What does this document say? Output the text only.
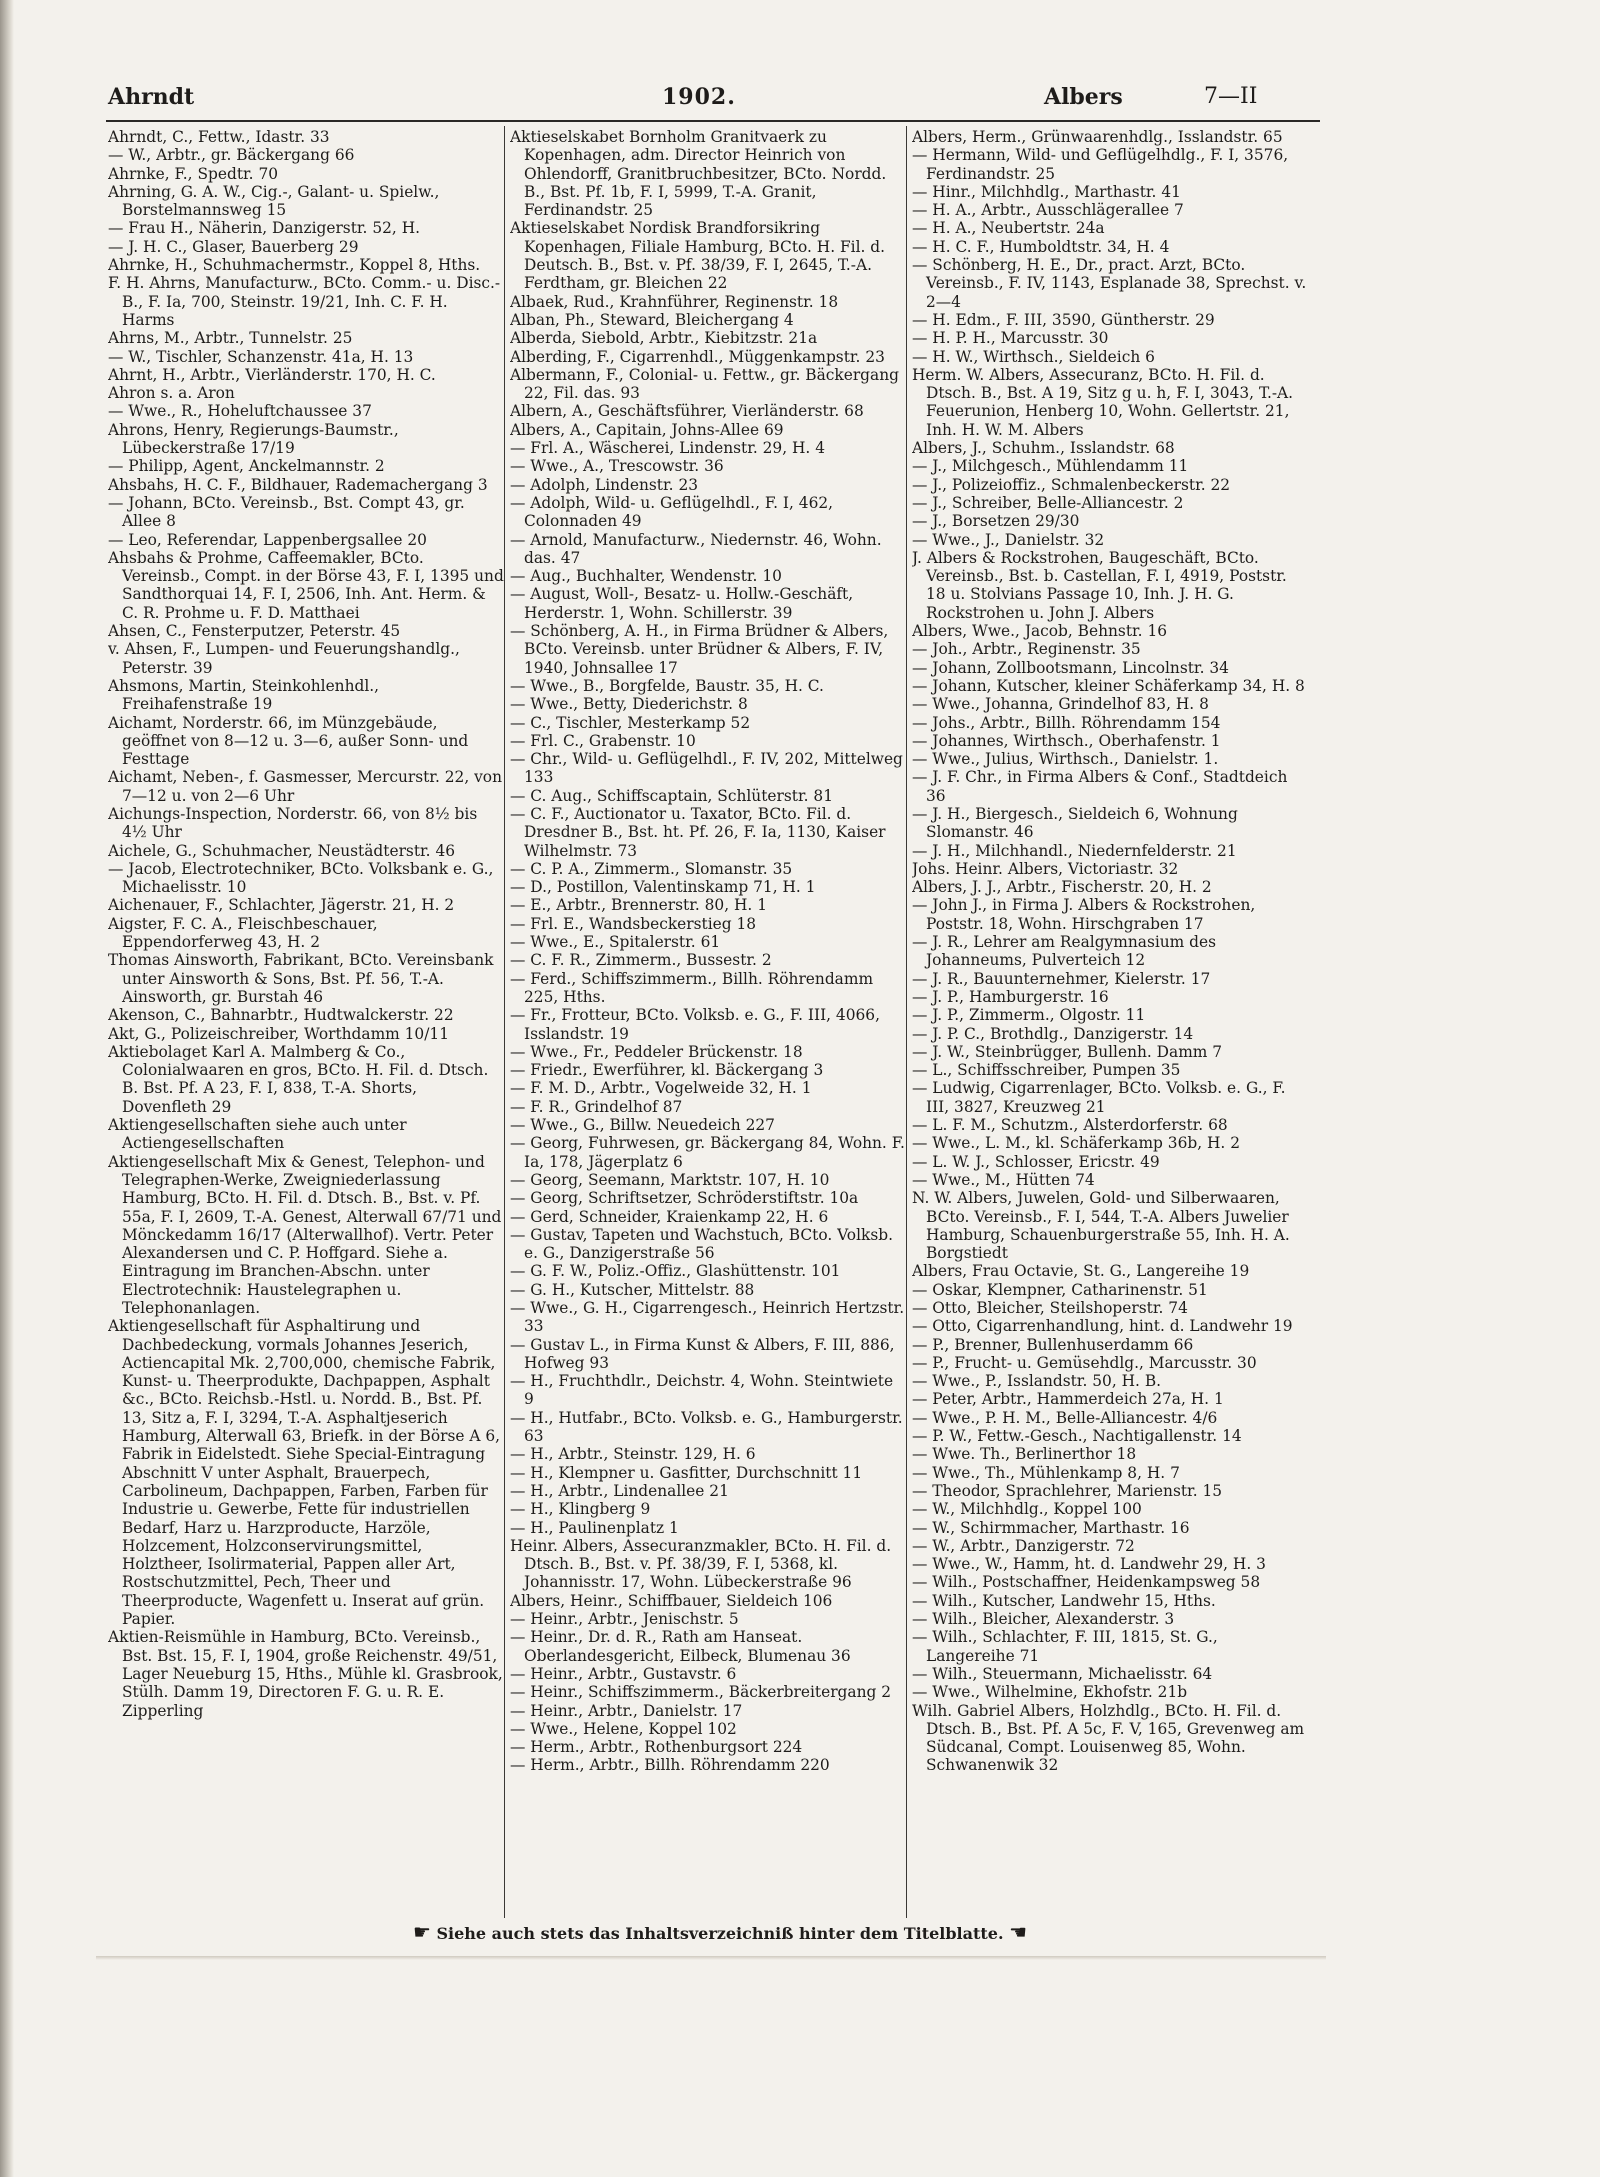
Ahrndt	1902.	Albers	7—II

Ahrndt, C., Fettw., Idastr. 33

— W., Arbtr., gr. Bäckergang 66

Ahrnke, F., Spedtr. 70

Ahrning, G. A. W., Cig.-, Galant- u. Spielw., Borstelmannsweg 15

— Frau H., Näherin, Danzigerstr. 52, H.

— J. H. C., Glaser, Bauerberg 29

Ahrnke, H., Schuhmachermstr., Koppel 8, Hths.

F. H. Ahrns, Manufacturw., BCto. Comm.- u. Disc.-B., F. Ia, 700, Steinstr. 19/21, Inh. C. F. H. Harms

Ahrns, M., Arbtr., Tunnelstr. 25

— W., Tischler, Schanzenstr. 41a, H. 13

Ahrnt, H., Arbtr., Vierländerstr. 170, H. C.

Ahron s. a. Aron

— Wwe., R., Hoheluftchaussee 37

Ahrons, Henry, Regierungs-Baumstr., Lübeckerstraße 17/19

— Philipp, Agent, Anckelmannstr. 2

Ahsbahs, H. C. F., Bildhauer, Rademachergang 3

— Johann, BCto. Vereinsb., Bst. Compt 43, gr. Allee 8

— Leo, Referendar, Lappenbergsallee 20

Ahsbahs & Prohme, Caffeemakler, BCto. Vereinsb., Compt. in der Börse 43, F. I, 1395 und Sandthorquai 14, F. I, 2506, Inh. Ant. Herm. & C. R. Prohme u. F. D. Matthaei

Ahsen, C., Fensterputzer, Peterstr. 45

v. Ahsen, F., Lumpen- und Feuerungshandlg., Peterstr. 39

Ahsmons, Martin, Steinkohlenhdl., Freihafenstraße 19

Aichamt, Norderstr. 66, im Münzgebäude, geöffnet von 8—12 u. 3—6, außer Sonn- und Festtage

Aichamt, Neben-, f. Gasmesser, Mercurstr. 22, von 7—12 u. von 2—6 Uhr

Aichungs-Inspection, Norderstr. 66, von 8½ bis 4½ Uhr

Aichele, G., Schuhmacher, Neustädterstr. 46

— Jacob, Electrotechniker, BCto. Volksbank e. G., Michaelisstr. 10

Aichenauer, F., Schlachter, Jägerstr. 21, H. 2

Aigster, F. C. A., Fleischbeschauer, Eppendorferweg 43, H. 2

Thomas Ainsworth, Fabrikant, BCto. Vereinsbank unter Ainsworth & Sons, Bst. Pf. 56, T.-A. Ainsworth, gr. Burstah 46

Akenson, C., Bahnarbtr., Hudtwalckerstr. 22

Akt, G., Polizeischreiber, Worthdamm 10/11

Aktiebolaget Karl A. Malmberg & Co., Colonialwaaren en gros, BCto. H. Fil. d. Dtsch. B. Bst. Pf. A 23, F. I, 838, T.-A. Shorts, Dovenfleth 29

Aktiengesellschaften siehe auch unter Actiengesellschaften

Aktiengesellschaft Mix & Genest, Telephon- und Telegraphen-Werke, Zweigniederlassung Hamburg, BCto. H. Fil. d. Dtsch. B., Bst. v. Pf. 55a, F. I, 2609, T.-A. Genest, Alterwall 67/71 und Mönckedamm 16/17 (Alterwallhof). Vertr. Peter Alexandersen und C. P. Hoffgard. Siehe a. Eintragung im Branchen-Abschn. unter Electrotechnik: Haustelegraphen u. Telephonanlagen.

Aktiengesellschaft für Asphaltirung und Dachbedeckung, vormals Johannes Jeserich, Actiencapital Mk. 2,700,000, chemische Fabrik, Kunst- u. Theerprodukte, Dachpappen, Asphalt &c., BCto. Reichsb.-Hstl. u. Nordd. B., Bst. Pf. 13, Sitz a, F. I, 3294, T.-A. Asphaltjeserich Hamburg, Alterwall 63, Briefk. in der Börse A 6, Fabrik in Eidelstedt. Siehe Special-Eintragung Abschnitt V unter Asphalt, Brauerpech, Carbolineum, Dachpappen, Farben, Farben für Industrie u. Gewerbe, Fette für industriellen Bedarf, Harz u. Harzproducte, Harzöle, Holzcement, Holzconservirungsmittel, Holztheer, Isolirmaterial, Pappen aller Art, Rostschutzmittel, Pech, Theer und Theerproducte, Wagenfett u. Inserat auf grün. Papier.

Aktien-Reismühle in Hamburg, BCto. Vereinsb., Bst. Bst. 15, F. I, 1904, große Reichenstr. 49/51, Lager Neueburg 15, Hths., Mühle kl. Grasbrook, Stülh. Damm 19, Directoren F. G. u. R. E. Zipperling

Aktieselskabet Bornholm Granitvaerk zu Kopenhagen, adm. Director Heinrich von Ohlendorff, Granitbruchbesitzer, BCto. Nordd. B., Bst. Pf. 1b, F. I, 5999, T.-A. Granit, Ferdinandstr. 25

Aktieselskabet Nordisk Brandforsikring Kopenhagen, Filiale Hamburg, BCto. H. Fil. d. Deutsch. B., Bst. v. Pf. 38/39, F. I, 2645, T.-A. Ferdtham, gr. Bleichen 22

Albaek, Rud., Krahnführer, Reginenstr. 18

Alban, Ph., Steward, Bleichergang 4

Alberda, Siebold, Arbtr., Kiebitzstr. 21a

Alberding, F., Cigarrenhdl., Müggenkampstr. 23

Albermann, F., Colonial- u. Fettw., gr. Bäckergang 22, Fil. das. 93

Albern, A., Geschäftsführer, Vierländerstr. 68

Albers, A., Capitain, Johns-Allee 69

— Frl. A., Wäscherei, Lindenstr. 29, H. 4

— Wwe., A., Trescowstr. 36

— Adolph, Lindenstr. 23

— Adolph, Wild- u. Geflügelhdl., F. I, 462, Colonnaden 49

— Arnold, Manufacturw., Niedernstr. 46, Wohn. das. 47

— Aug., Buchhalter, Wendenstr. 10

— August, Woll-, Besatz- u. Hollw.-Geschäft, Herderstr. 1, Wohn. Schillerstr. 39

— Schönberg, A. H., in Firma Brüdner & Albers, BCto. Vereinsb. unter Brüdner & Albers, F. IV, 1940, Johnsallee 17

— Wwe., B., Borgfelde, Baustr. 35, H. C.

— Wwe., Betty, Diederichstr. 8

— C., Tischler, Mesterkamp 52

— Frl. C., Grabenstr. 10

— Chr., Wild- u. Geflügelhdl., F. IV, 202, Mittelweg 133

— C. Aug., Schiffscaptain, Schlüterstr. 81

— C. F., Auctionator u. Taxator, BCto. Fil. d. Dresdner B., Bst. ht. Pf. 26, F. Ia, 1130, Kaiser Wilhelmstr. 73

— C. P. A., Zimmerm., Slomanstr. 35

— D., Postillon, Valentinskamp 71, H. 1

— E., Arbtr., Brennerstr. 80, H. 1

— Frl. E., Wandsbeckerstieg 18

— Wwe., E., Spitalerstr. 61

— C. F. R., Zimmerm., Bussestr. 2

— Ferd., Schiffszimmerm., Billh. Röhrendamm 225, Hths.

— Fr., Frotteur, BCto. Volksb. e. G., F. III, 4066, Isslandstr. 19

— Wwe., Fr., Peddeler Brückenstr. 18

— Friedr., Ewerführer, kl. Bäckergang 3

— F. M. D., Arbtr., Vogelweide 32, H. 1

— F. R., Grindelhof 87

— Wwe., G., Billw. Neuedeich 227

— Georg, Fuhrwesen, gr. Bäckergang 84, Wohn. F. Ia, 178, Jägerplatz 6

— Georg, Seemann, Marktstr. 107, H. 10

— Georg, Schriftsetzer, Schröderstiftstr. 10a

— Gerd, Schneider, Kraienkamp 22, H. 6

— Gustav, Tapeten und Wachstuch, BCto. Volksb. e. G., Danzigerstraße 56

— G. F. W., Poliz.-Offiz., Glashüttenstr. 101

— G. H., Kutscher, Mittelstr. 88

— Wwe., G. H., Cigarrengesch., Heinrich Hertzstr. 33

— Gustav L., in Firma Kunst & Albers, F. III, 886, Hofweg 93

— H., Fruchthdlr., Deichstr. 4, Wohn. Steintwiete 9

— H., Hutfabr., BCto. Volksb. e. G., Hamburgerstr. 63

— H., Arbtr., Steinstr. 129, H. 6

— H., Klempner u. Gasfitter, Durchschnitt 11

— H., Arbtr., Lindenallee 21

— H., Klingberg 9

— H., Paulinenplatz 1

Heinr. Albers, Assecuranzmakler, BCto. H. Fil. d. Dtsch. B., Bst. v. Pf. 38/39, F. I, 5368, kl. Johannisstr. 17, Wohn. Lübeckerstraße 96

Albers, Heinr., Schiffbauer, Sieldeich 106

— Heinr., Arbtr., Jenischstr. 5

— Heinr., Dr. d. R., Rath am Hanseat. Oberlandesgericht, Eilbeck, Blumenau 36

— Heinr., Arbtr., Gustavstr. 6

— Heinr., Schiffszimmerm., Bäckerbreitergang 2

— Heinr., Arbtr., Danielstr. 17

— Wwe., Helene, Koppel 102

— Herm., Arbtr., Rothenburgsort 224

— Herm., Arbtr., Billh. Röhrendamm 220

Albers, Herm., Grünwaarenhdlg., Isslandstr. 65

— Hermann, Wild- und Geflügelhdlg., F. I, 3576, Ferdinandstr. 25

— Hinr., Milchhdlg., Marthastr. 41

— H. A., Arbtr., Ausschlägerallee 7

— H. A., Neubertstr. 24a

— H. C. F., Humboldtstr. 34, H. 4

— Schönberg, H. E., Dr., pract. Arzt, BCto. Vereinsb., F. IV, 1143, Esplanade 38, Sprechst. v. 2—4

— H. Edm., F. III, 3590, Güntherstr. 29

— H. P. H., Marcusstr. 30

— H. W., Wirthsch., Sieldeich 6

Herm. W. Albers, Assecuranz, BCto. H. Fil. d. Dtsch. B., Bst. A 19, Sitz g u. h, F. I, 3043, T.-A. Feuerunion, Henberg 10, Wohn. Gellertstr. 21, Inh. H. W. M. Albers

Albers, J., Schuhm., Isslandstr. 68

— J., Milchgesch., Mühlendamm 11

— J., Polizeioffiz., Schmalenbeckerstr. 22

— J., Schreiber, Belle-Alliancestr. 2

— J., Borsetzen 29/30

— Wwe., J., Danielstr. 32

J. Albers & Rockstrohen, Baugeschäft, BCto. Vereinsb., Bst. b. Castellan, F. I, 4919, Poststr. 18 u. Stolvians Passage 10, Inh. J. H. G. Rockstrohen u. John J. Albers

Albers, Wwe., Jacob, Behnstr. 16

— Joh., Arbtr., Reginenstr. 35

— Johann, Zollbootsmann, Lincolnstr. 34

— Johann, Kutscher, kleiner Schäferkamp 34, H. 8

— Wwe., Johanna, Grindelhof 83, H. 8

— Johs., Arbtr., Billh. Röhrendamm 154

— Johannes, Wirthsch., Oberhafenstr. 1

— Wwe., Julius, Wirthsch., Danielstr. 1.

— J. F. Chr., in Firma Albers & Conf., Stadtdeich 36

— J. H., Biergesch., Sieldeich 6, Wohnung Slomanstr. 46

— J. H., Milchhandl., Niedernfelderstr. 21

Johs. Heinr. Albers, Victoriastr. 32

Albers, J. J., Arbtr., Fischerstr. 20, H. 2

— John J., in Firma J. Albers & Rockstrohen, Poststr. 18, Wohn. Hirschgraben 17

— J. R., Lehrer am Realgymnasium des Johanneums, Pulverteich 12

— J. R., Bauunternehmer, Kielerstr. 17

— J. P., Hamburgerstr. 16

— J. P., Zimmerm., Olgostr. 11

— J. P. C., Brothdlg., Danzigerstr. 14

— J. W., Steinbrügger, Bullenh. Damm 7

— L., Schiffsschreiber, Pumpen 35

— Ludwig, Cigarrenlager, BCto. Volksb. e. G., F. III, 3827, Kreuzweg 21

— L. F. M., Schutzm., Alsterdorferstr. 68

— Wwe., L. M., kl. Schäferkamp 36b, H. 2

— L. W. J., Schlosser, Ericstr. 49

— Wwe., M., Hütten 74

N. W. Albers, Juwelen, Gold- und Silberwaaren, BCto. Vereinsb., F. I, 544, T.-A. Albers Juwelier Hamburg, Schauenburgerstraße 55, Inh. H. A. Borgstiedt

Albers, Frau Octavie, St. G., Langereihe 19

— Oskar, Klempner, Catharinenstr. 51

— Otto, Bleicher, Steilshoperstr. 74

— Otto, Cigarrenhandlung, hint. d. Landwehr 19

— P., Brenner, Bullenhuserdamm 66

— P., Frucht- u. Gemüsehdlg., Marcusstr. 30

— Wwe., P., Isslandstr. 50, H. B.

— Peter, Arbtr., Hammerdeich 27a, H. 1

— Wwe., P. H. M., Belle-Alliancestr. 4/6

— P. W., Fettw.-Gesch., Nachtigallenstr. 14

— Wwe. Th., Berlinerthor 18

— Wwe., Th., Mühlenkamp 8, H. 7

— Theodor, Sprachlehrer, Marienstr. 15

— W., Milchhdlg., Koppel 100

— W., Schirmmacher, Marthastr. 16

— W., Arbtr., Danzigerstr. 72

— Wwe., W., Hamm, ht. d. Landwehr 29, H. 3

— Wilh., Postschaffner, Heidenkampsweg 58

— Wilh., Kutscher, Landwehr 15, Hths.

— Wilh., Bleicher, Alexanderstr. 3

— Wilh., Schlachter, F. III, 1815, St. G., Langereihe 71

— Wilh., Steuermann, Michaelisstr. 64

— Wwe., Wilhelmine, Ekhofstr. 21b

Wilh. Gabriel Albers, Holzhdlg., BCto. H. Fil. d. Dtsch. B., Bst. Pf. A 5c, F. V, 165, Grevenweg am Südcanal, Compt. Louisenweg 85, Wohn. Schwanenwik 32

☛ Siehe auch stets das Inhaltsverzeichniß hinter dem Titelblatte. ☚
